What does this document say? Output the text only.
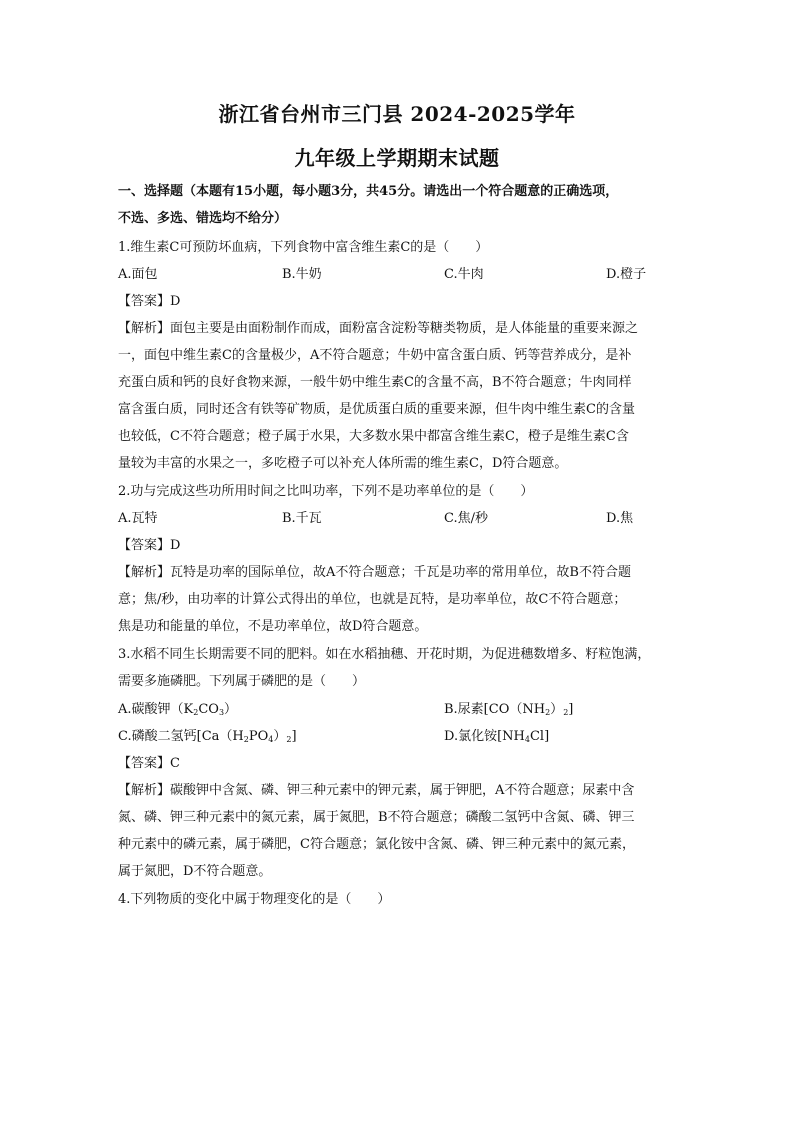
浙江省台州市三门县 2024-2025学年
九年级上学期期末试题
一、选择题（本题有15小题，每小题3分，共45分。请选出一个符合题意的正确选项，
不选、多选、错选均不给分）
1.维生素C可预防坏血病，下列食物中富含维生素C的是（　　）
A.面包	B.牛奶	C.牛肉	D.橙子
【答案】D
【解析】面包主要是由面粉制作而成，面粉富含淀粉等糖类物质，是人体能量的重要来源之
一，面包中维生素C的含量极少，A不符合题意；牛奶中富含蛋白质、钙等营养成分，是补
充蛋白质和钙的良好食物来源，一般牛奶中维生素C的含量不高，B不符合题意；牛肉同样
富含蛋白质，同时还含有铁等矿物质，是优质蛋白质的重要来源，但牛肉中维生素C的含量
也较低，C不符合题意；橙子属于水果，大多数水果中都富含维生素C，橙子是维生素C含
量较为丰富的水果之一，多吃橙子可以补充人体所需的维生素C，D符合题意。
2.功与完成这些功所用时间之比叫功率，下列不是功率单位的是（　　）
A.瓦特	B.千瓦	C.焦/秒	D.焦
【答案】D
【解析】瓦特是功率的国际单位，故A不符合题意；千瓦是功率的常用单位，故B不符合题
意；焦/秒，由功率的计算公式得出的单位，也就是瓦特，是功率单位，故C不符合题意；
焦是功和能量的单位，不是功率单位，故D符合题意。
3.水稻不同生长期需要不同的肥料。如在水稻抽穗、开花时期，为促进穗数增多、籽粒饱满，
需要多施磷肥。下列属于磷肥的是（　　）
A.碳酸钾$(K_2CO_3)$	B.尿素$[CO(NH_2)_2]$
C.磷酸二氢钙$[Ca(H_2PO_4)_2]$	D.氯化铵$[NH_4Cl]$
【答案】C
【解析】碳酸钾中含氮、磷、钾三种元素中的钾元素，属于钾肥，A不符合题意；尿素中含
氮、磷、钾三种元素中的氮元素，属于氮肥，B不符合题意；磷酸二氢钙中含氮、磷、钾三
种元素中的磷元素，属于磷肥，C符合题意；氯化铵中含氮、磷、钾三种元素中的氮元素，
属于氮肥，D不符合题意。
4.下列物质的变化中属于物理变化的是（　　）
